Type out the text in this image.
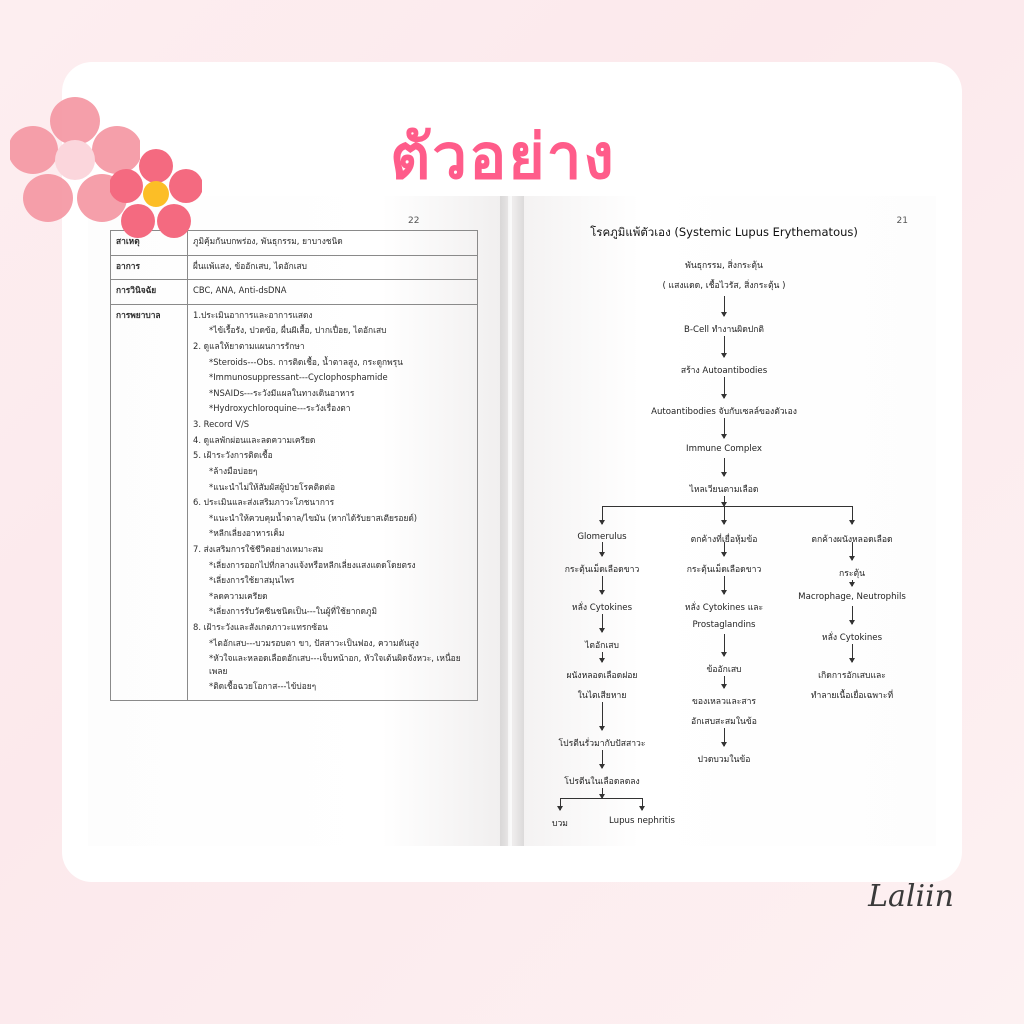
22
สาเหตุ	ภูมิคุ้มกันบกพร่อง, พันธุกรรม, ยาบางชนิด

อาการ	ผื่นแพ้แสง, ข้ออักเสบ, ไตอักเสบ

การวินิจฉัย	CBC, ANA, Anti-dsDNA

การพยาบาล	1.ประเมินอาการและอาการแสดง
*ไข้เรื้อรัง, ปวดข้อ, ผื่นผีเสื้อ, ปากเปื่อย, ไตอักเสบ
2. ดูแลให้ยาตามแผนการรักษา
*Steroids---Obs. การติดเชื้อ, น้ำตาลสูง, กระดูกพรุน
*Immunosuppressant---Cyclophosphamide
*NSAIDs---ระวังมีแผลในทางเดินอาหาร
*Hydroxychloroquine---ระวังเรื่องตา
3. Record V/S
4. ดูแลพักผ่อนและลดความเครียด
5. เฝ้าระวังการติดเชื้อ
*ล้างมือบ่อยๆ
*แนะนำไม่ให้สัมผัสผู้ป่วยโรคติดต่อ
6. ประเมินและส่งเสริมภาวะโภชนาการ
*แนะนำให้ควบคุมน้ำตาล/ไขมัน (หากได้รับยาสเตียรอยด์)
*หลีกเลี่ยงอาหารเค็ม
7. ส่งเสริมการใช้ชีวิตอย่างเหมาะสม
*เลี่ยงการออกไปที่กลางแจ้งหรือหลีกเลี่ยงแสงแดดโดยตรง
*เลี่ยงการใช้ยาสมุนไพร
*ลดความเครียด
*เลี่ยงการรับวัคซีนชนิดเป็น---ในผู้ที่ใช้ยากดภูมิ
8. เฝ้าระวังและสังเกตภาวะแทรกซ้อน
*ไตอักเสบ---บวมรอบตา ขา, ปัสสาวะเป็นฟอง, ความดันสูง
*หัวใจและหลอดเลือดอักเสบ---เจ็บหน้าอก, หัวใจเต้นผิดจังหวะ, เหนื่อยเพลย
*ติดเชื้อฉวยโอกาส---ไข้บ่อยๆ
21
โรคภูมิแพ้ตัวเอง (Systemic Lupus Erythematous)
พันธุกรรม, สิ่งกระตุ้น
( แสงแดด, เชื้อไวรัส, สิ่งกระตุ้น )
B-Cell ทำงานผิดปกติ
สร้าง Autoantibodies
Autoantibodies จับกับเซลล์ของตัวเอง
Immune Complex
ไหลเวียนตามเลือด
Glomerulus
กระตุ้นเม็ดเลือดขาว
หลั่ง Cytokines
ไตอักเสบ
ผนังหลอดเลือดฝอย
ในไตเสียหาย
โปรตีนรั่วมากับปัสสาวะ
โปรตีนในเลือดลดลง
บวม	Lupus nephritis
ตกค้างที่เยื่อหุ้มข้อ
กระตุ้นเม็ดเลือดขาว
หลั่ง Cytokines และ
Prostaglandins
ข้ออักเสบ
ของเหลวและสาร
อักเสบสะสมในข้อ
ปวดบวมในข้อ
ตกค้างผนังหลอดเลือด
กระตุ้น
Macrophage, Neutrophils
หลั่ง Cytokines
เกิดการอักเสบและ
ทำลายเนื้อเยื่อเฉพาะที่
ตัวอย่าง
Laliin
